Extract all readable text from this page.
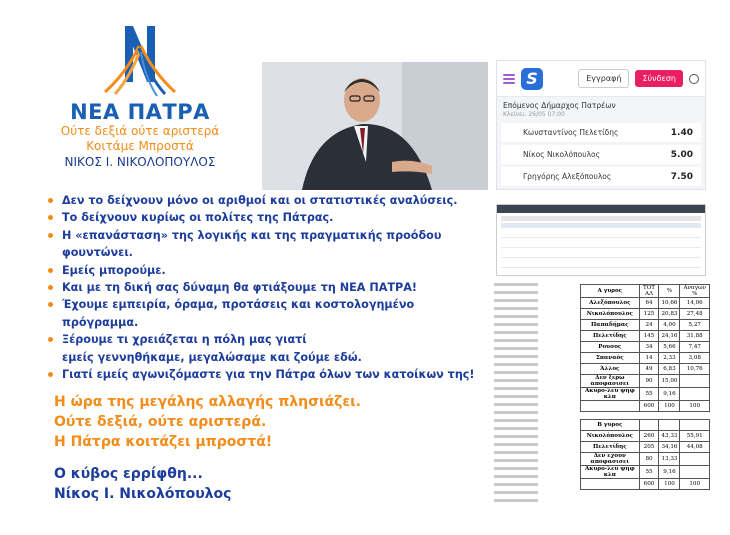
ΝΕΑ ΠΑΤΡΑ
Ούτε δεξιά ούτε αριστερά
Κοιτάμε Μπροστά
ΝΙΚΟΣ Ι. ΝΙΚΟΛΟΠΟΥΛΟΣ
S	Εγγραφή	Σύνδεση
Επόμενος Δήμαρχος Πατρέων
Κλείνει: 26/05 07:00
Κωνσταντίνος Πελετίδης	1.40
Νίκος Νικολόπουλος	5.00
Γρηγόρης Αλεξόπουλος	7.50
Δεν το δείχνουν μόνο οι αριθμοί και οι στατιστικές αναλύσεις.
Το δείχνουν κυρίως οι πολίτες της Πάτρας.
Η «επανάσταση» της λογικής και της πραγματικής προόδου φουντώνει.
Εμείς μπορούμε.
Και με τη δική σας δύναμη θα φτιάξουμε τη ΝΕΑ ΠΑΤΡΑ!
Έχουμε εμπειρία, όραμα, προτάσεις και κοστολογημένο πρόγραμμα.
Ξέρουμε τι χρειάζεται η πόλη μας γιατί
εμείς γεννηθήκαμε, μεγαλώσαμε και ζούμε εδώ.
Γιατί εμείς αγωνιζόμαστε για την Πάτρα όλων των κατοίκων της!
Η ώρα της μεγάλης αλλαγής πλησιάζει.
Ούτε δεξιά, ούτε αριστερά.
Η Πάτρα κοιτάζει μπροστά!
Ο κύβος ερρίφθη...
Νίκος Ι. Νικολόπουλος
Α γυρος	ΤΟΤ ΑΛ	%	Αναγων %
Αλεξόπουλος	64	10,66	14,06
Νικολόπουλος	125	20,83	27,48
Παπαδήμας	24	4,00	5,27
Πελετίδης	145	24,16	31,88
Ρουσος	34	5,66	7,47
Σπαναός	14	2,33	3,08
Άλλος	49	6,83	10,76
Δεν ξερω αποφασισει	90	15,00	
Ακυρο-λευ ψηφ κλπ	55	9,16	
	600	100	100

Β γυρος			
Νικολόπουλος	260	43,33	55,91
Πελετίδης	205	34,16	44,08
Δεν εχουν αποφασισει	80	13,33	
Ακυρο-λευ ψηφ κλπ	55	9,16	
	600	100	100
